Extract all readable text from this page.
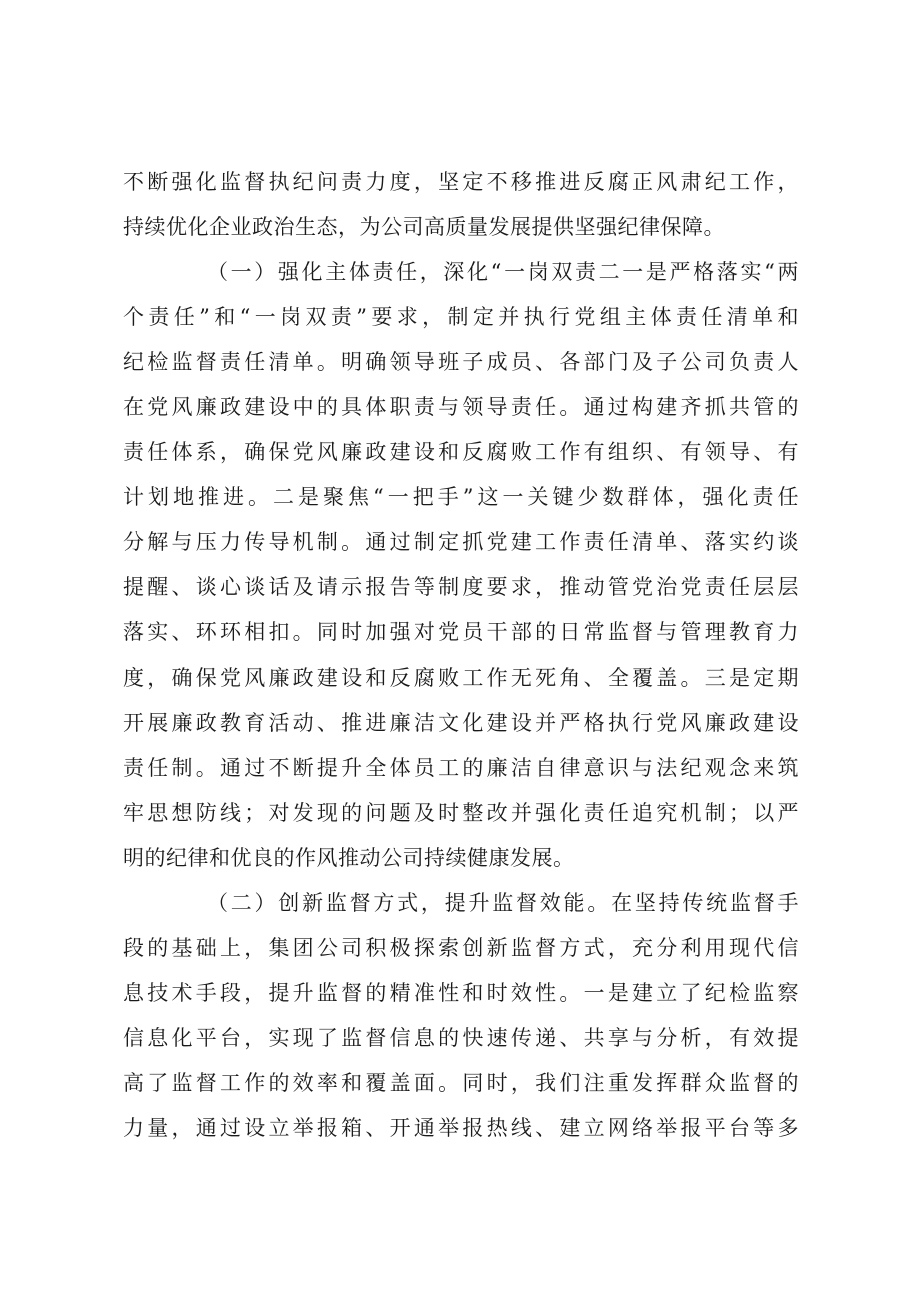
不断强化监督执纪问责力度，坚定不移推进反腐正风肃纪工作，
持续优化企业政治生态，为公司高质量发展提供坚强纪律保障。
（一）强化主体责任，深化“一岗双责二一是严格落实“两
个责任”和“一岗双责”要求，制定并执行党组主体责任清单和
纪检监督责任清单。明确领导班子成员、各部门及子公司负责人
在党风廉政建设中的具体职责与领导责任。通过构建齐抓共管的
责任体系，确保党风廉政建设和反腐败工作有组织、有领导、有
计划地推进。二是聚焦“一把手”这一关键少数群体，强化责任
分解与压力传导机制。通过制定抓党建工作责任清单、落实约谈
提醒、谈心谈话及请示报告等制度要求，推动管党治党责任层层
落实、环环相扣。同时加强对党员干部的日常监督与管理教育力
度，确保党风廉政建设和反腐败工作无死角、全覆盖。三是定期
开展廉政教育活动、推进廉洁文化建设并严格执行党风廉政建设
责任制。通过不断提升全体员工的廉洁自律意识与法纪观念来筑
牢思想防线；对发现的问题及时整改并强化责任追究机制；以严
明的纪律和优良的作风推动公司持续健康发展。
（二）创新监督方式，提升监督效能。在坚持传统监督手
段的基础上，集团公司积极探索创新监督方式，充分利用现代信
息技术手段，提升监督的精准性和时效性。一是建立了纪检监察
信息化平台，实现了监督信息的快速传递、共享与分析，有效提
高了监督工作的效率和覆盖面。同时，我们注重发挥群众监督的
力量，通过设立举报箱、开通举报热线、建立网络举报平台等多
